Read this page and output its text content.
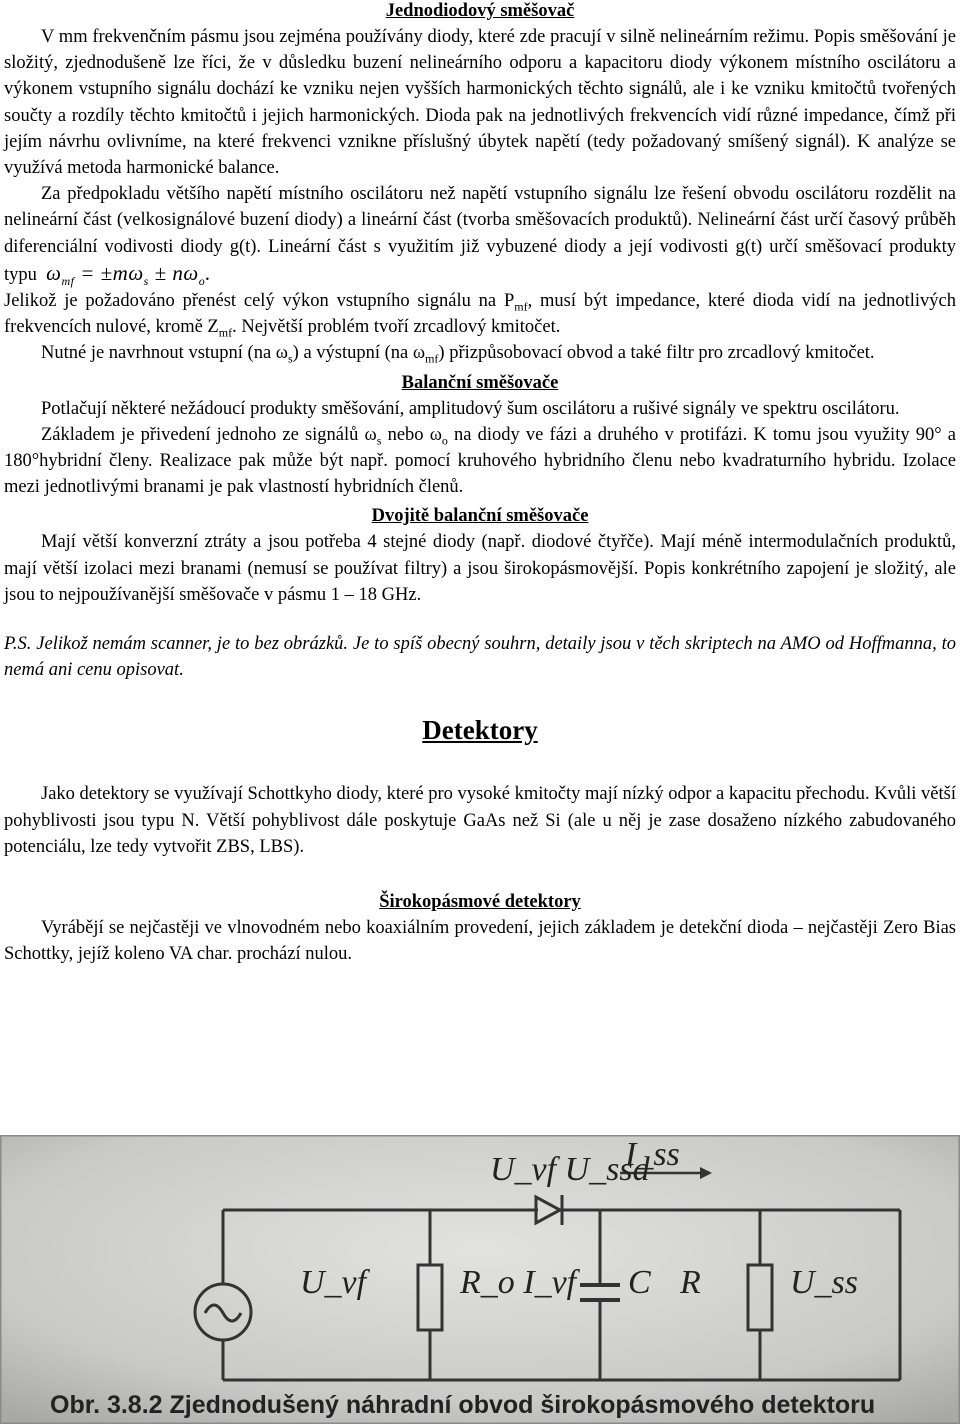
Jednodiodový směšovač

V mm frekvenčním pásmu jsou zejména používány diody, které zde pracují v silně nelineárním režimu. Popis směšování je složitý, zjednodušeně lze říci, že v důsledku buzení nelineárního odporu a kapacitoru diody výkonem místního oscilátoru a výkonem vstupního signálu dochází ke vzniku nejen vyšších harmonických těchto signálů, ale i ke vzniku kmitočtů tvořených součty a rozdíly těchto kmitočtů i jejich harmonických. Dioda pak na jednotlivých frekvencích vidí různé impedance, čímž při jejím návrhu ovlivníme, na které frekvenci vznikne příslušný úbytek napětí (tedy požadovaný smíšený signál). K analýze se využívá metoda harmonické balance.

Za předpokladu většího napětí místního oscilátoru než napětí vstupního signálu lze řešení obvodu oscilátoru rozdělit na nelineární část (velkosignálové buzení diody) a lineární část (tvorba směšovacích produktů). Nelineární část určí časový průběh diferenciální vodivosti diody g(t). Lineární část s využitím již vybuzené diody a její vodivosti g(t) určí směšovací produkty typu $\omega_{mf} = \pm m\omega_s \pm n\omega_o$.

Jelikož je požadováno přenést celý výkon vstupního signálu na $P_{mf}$, musí být impedance, které dioda vidí na jednotlivých frekvencích nulové, kromě $Z_{mf}$. Největší problém tvoří zrcadlový kmitočet.

Nutné je navrhnout vstupní (na $\omega_s$) a výstupní (na $\omega_{mf}$) přizpůsobovací obvod a také filtr pro zrcadlový kmitočet.

Balanční směšovače

Potlačují některé nežádoucí produkty směšování, amplitudový šum oscilátoru a rušivé signály ve spektru oscilátoru.

Základem je přivedení jednoho ze signálů $\omega_s$ nebo $\omega_o$ na diody ve fázi a druhého v protifázi. K tomu jsou využity 90° a 180°hybridní členy. Realizace pak může být např. pomocí kruhového hybridního členu nebo kvadraturního hybridu. Izolace mezi jednotlivými branami je pak vlastností hybridních členů.

Dvojitě balanční směšovače

Mají větší konverzní ztráty a jsou potřeba 4 stejné diody (např. diodové čtyřče). Mají méně intermodulačních produktů, mají větší izolaci mezi branami (nemusí se používat filtry) a jsou širokopásmovější. Popis konkrétního zapojení je složitý, ale jsou to nejpoužívanější směšovače v pásmu 1 – 18 GHz.

P.S. Jelikož nemám scanner, je to bez obrázků. Je to spíš obecný souhrn, detaily jsou v těch skriptech na AMO od Hoffmanna, to nemá ani cenu opisovat.

Detektory

Jako detektory se využívají Schottkyho diody, které pro vysoké kmitočty mají nízký odpor a kapacitu přechodu. Kvůli větší pohyblivosti jsou typu N. Větší pohyblivost dále poskytuje GaAs než Si (ale u něj je zase dosaženo nízkého zabudovaného potenciálu, lze tedy vytvořit ZBS, LBS).

Širokopásmové detektory

Vyrábějí se nejčastěji ve vlnovodném nebo koaxiálním provedení, jejich základem je detekční dioda – nejčastěji Zero Bias Schottky, jejíž koleno VA char. prochází nulou.

U_vf U_ssd
I_ss
U_vf	R_o I_vf C R	U_ss
Obr. 3.8.2 Zjednodušený náhradní obvod širokopásmového detektoru
